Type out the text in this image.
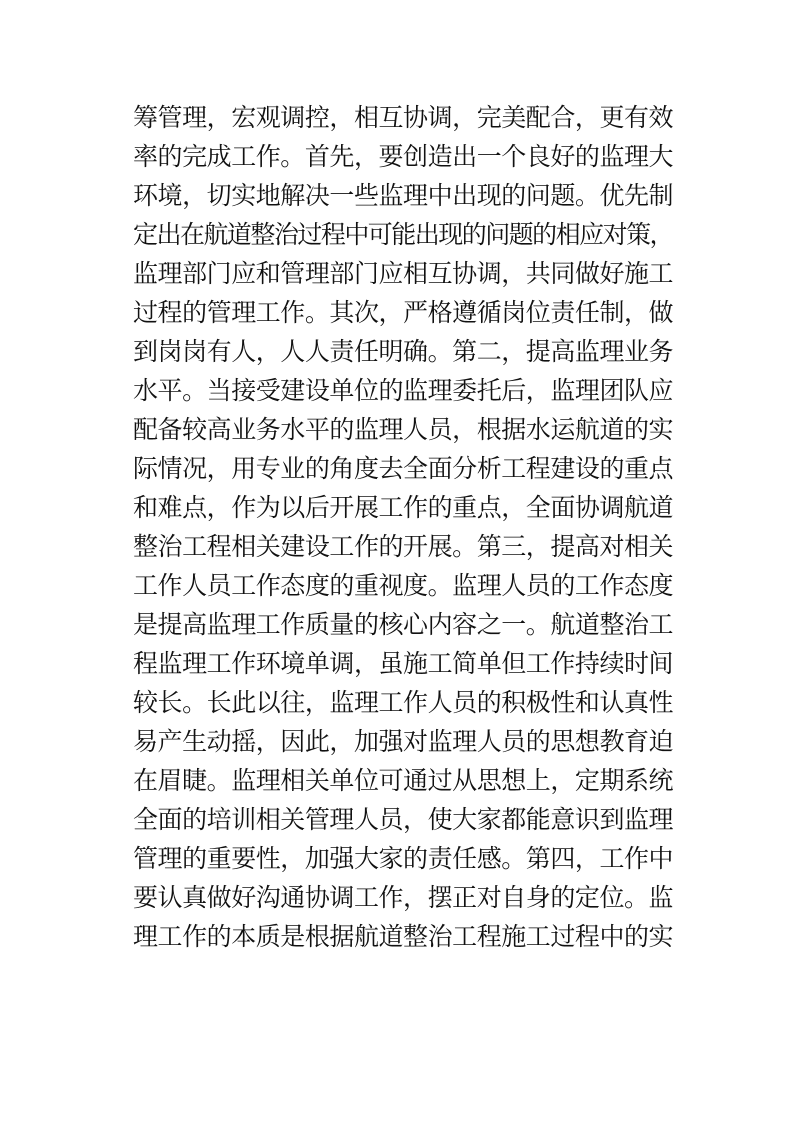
筹管理，宏观调控，相互协调，完美配合，更有效
率的完成工作。首先，要创造出一个良好的监理大
环境，切实地解决一些监理中出现的问题。优先制
定出在航道整治过程中可能出现的问题的相应对策，
监理部门应和管理部门应相互协调，共同做好施工
过程的管理工作。其次，严格遵循岗位责任制，做
到岗岗有人，人人责任明确。第二，提高监理业务
水平。当接受建设单位的监理委托后，监理团队应
配备较高业务水平的监理人员，根据水运航道的实
际情况，用专业的角度去全面分析工程建设的重点
和难点，作为以后开展工作的重点，全面协调航道
整治工程相关建设工作的开展。第三，提高对相关
工作人员工作态度的重视度。监理人员的工作态度
是提高监理工作质量的核心内容之一。航道整治工
程监理工作环境单调，虽施工简单但工作持续时间
较长。长此以往，监理工作人员的积极性和认真性
易产生动摇，因此，加强对监理人员的思想教育迫
在眉睫。监理相关单位可通过从思想上，定期系统
全面的培训相关管理人员，使大家都能意识到监理
管理的重要性，加强大家的责任感。第四，工作中
要认真做好沟通协调工作，摆正对自身的定位。监
理工作的本质是根据航道整治工程施工过程中的实
